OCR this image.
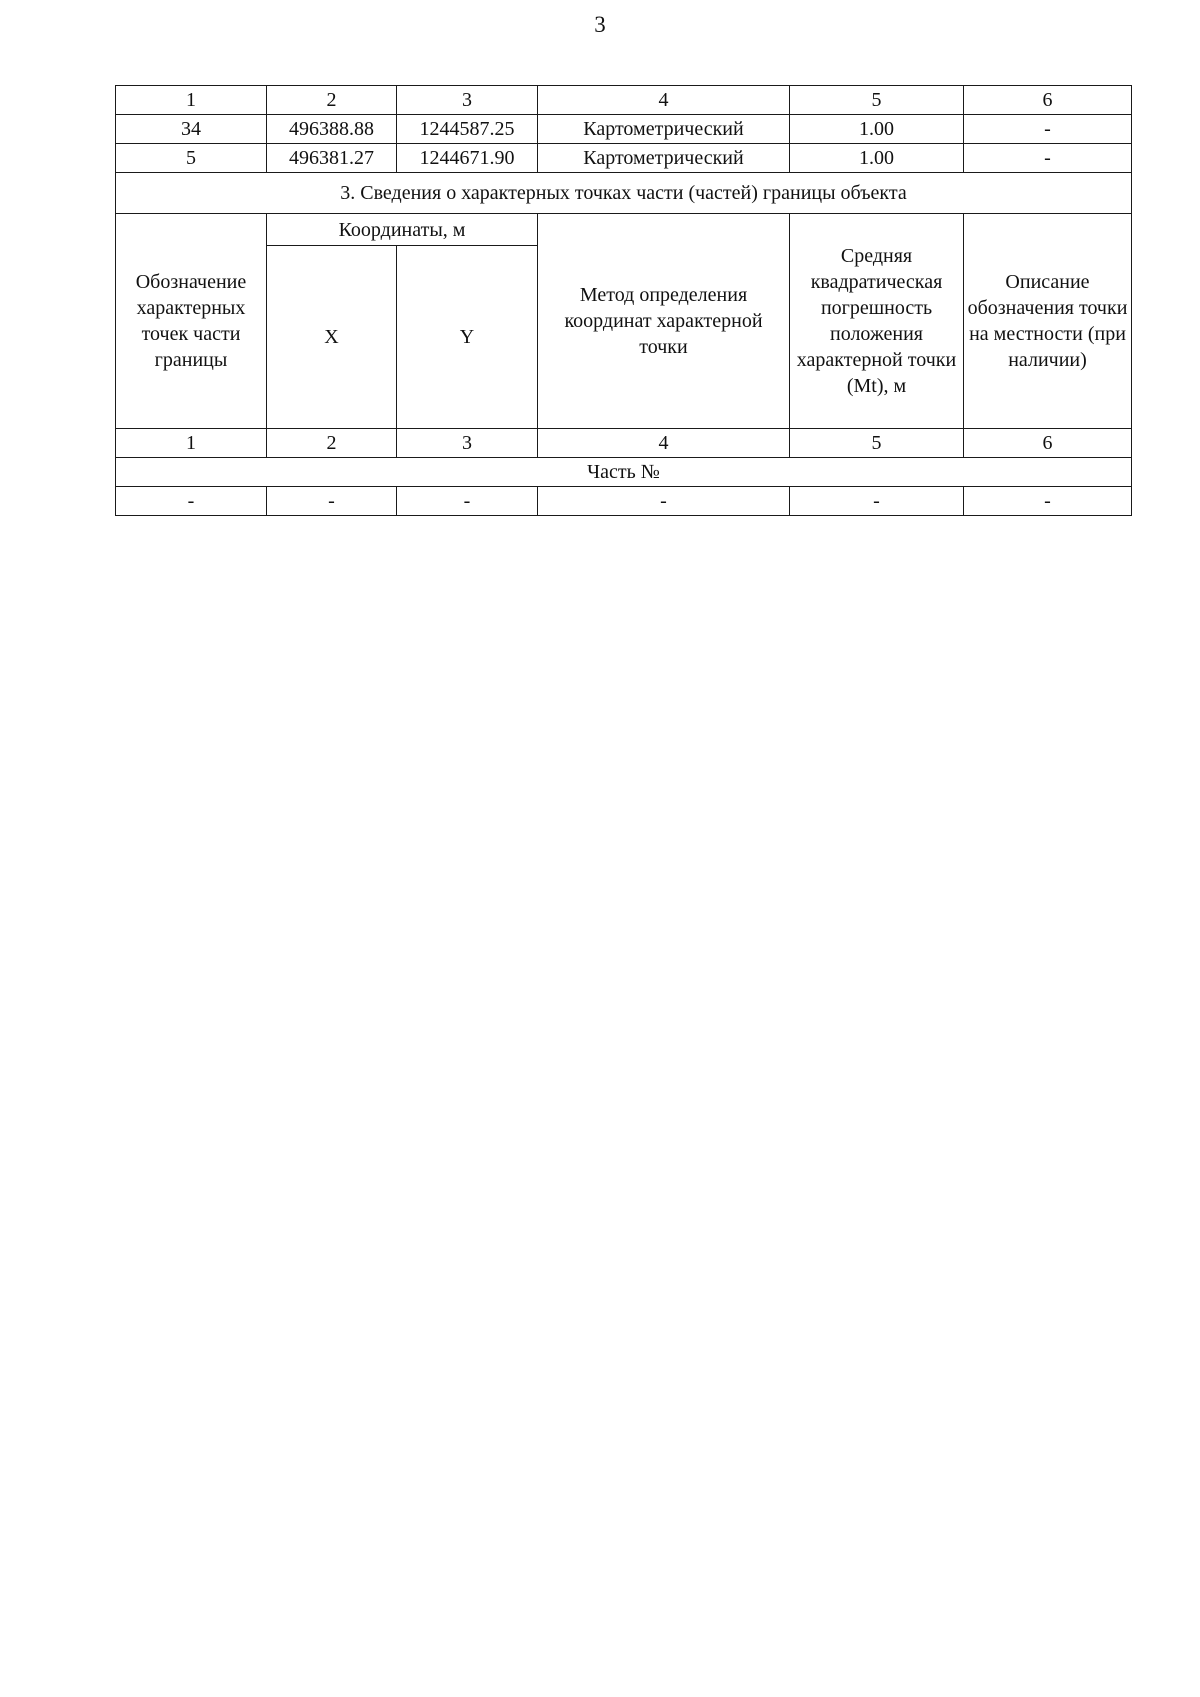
3
1	2	3	4	5	6
34	496388.88	1244587.25	Картометрический	1.00	-
5	496381.27	1244671.90	Картометрический	1.00	-
3. Сведения о характерных точках части (частей) границы объекта					
Обозначение характерных точек части границы	Координаты, м		Метод определения координат характерной точки	Средняя квадратическая погрешность положения характерной точки (Mt), м	Описание обозначения точки на местности (при наличии)
	X	Y			
1	2	3	4	5	6
Часть №					
-	-	-	-	-	-
